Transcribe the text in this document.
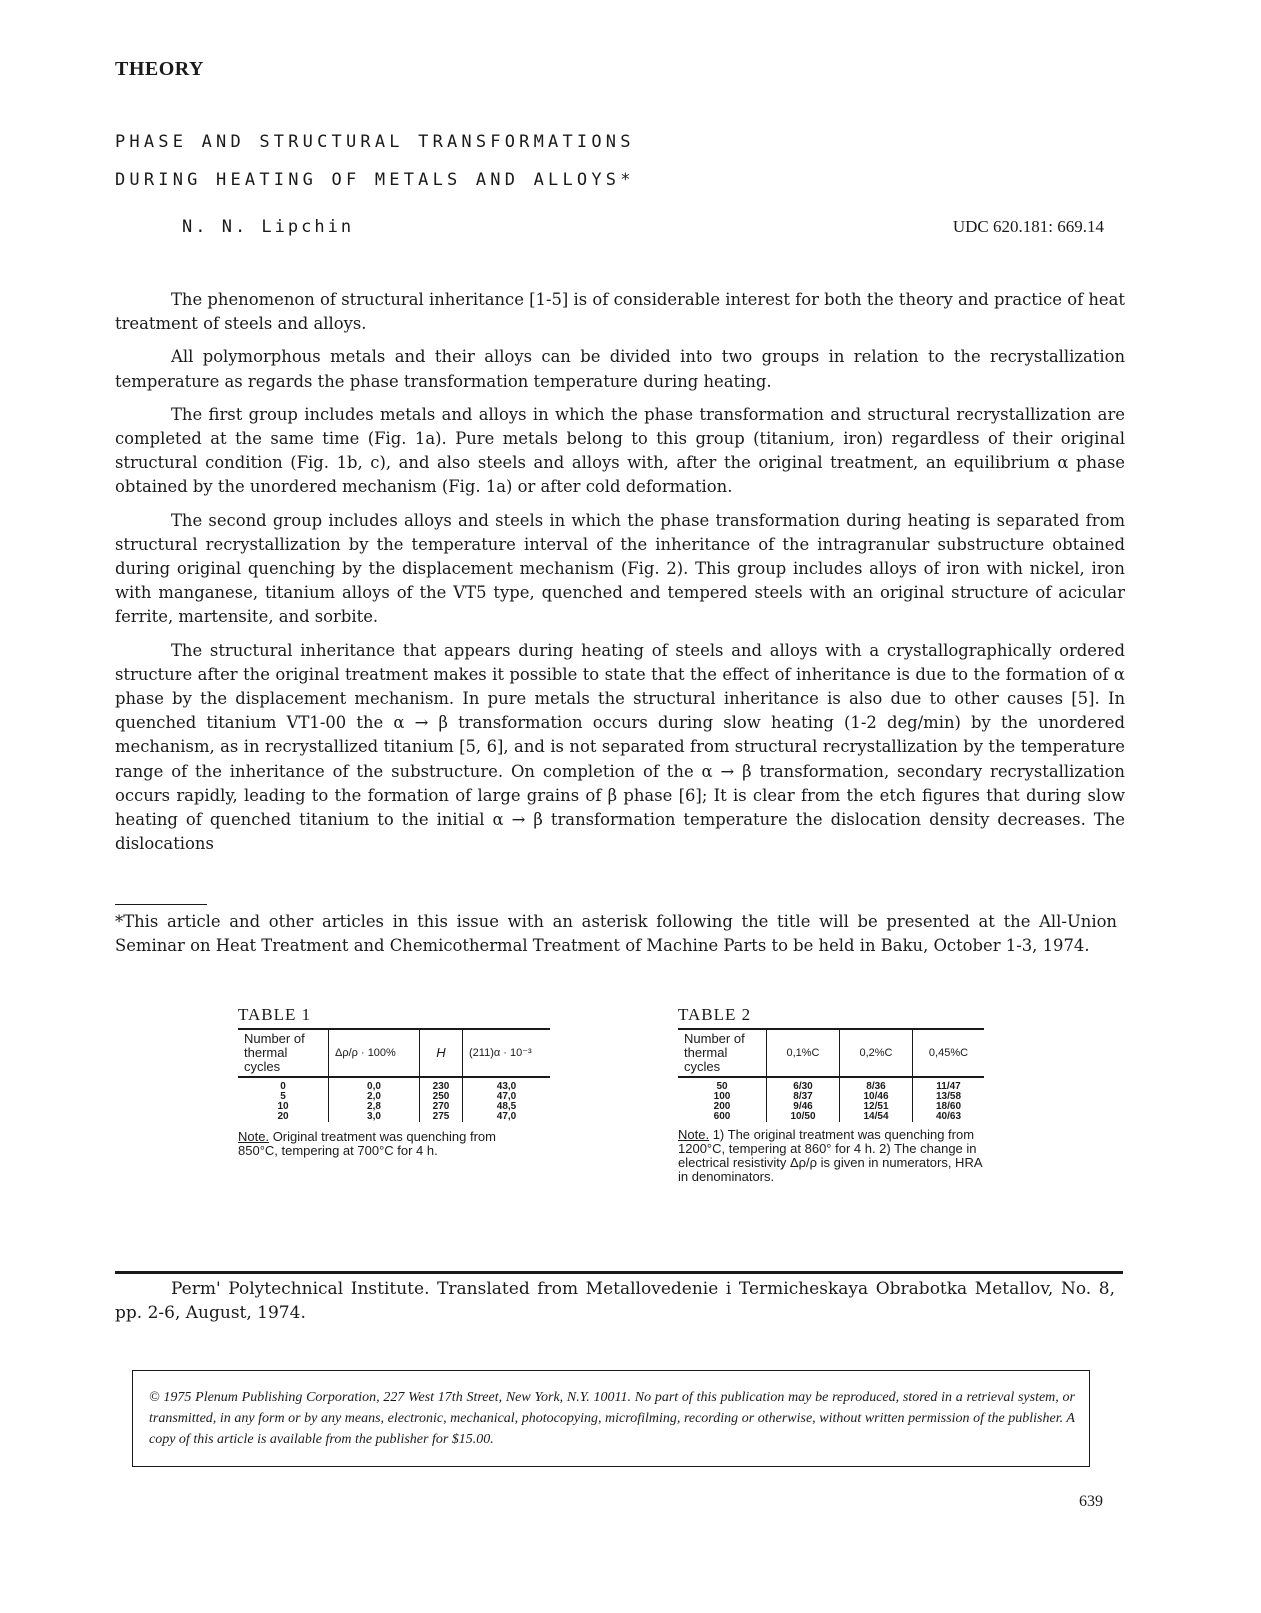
THEORY
PHASE AND STRUCTURAL TRANSFORMATIONS
DURING HEATING OF METALS AND ALLOYS*
N. N. Lipchin	UDC 620.181: 669.14

The phenomenon of structural inheritance [1-5] is of considerable interest for both the theory and practice of heat treatment of steels and alloys.

All polymorphous metals and their alloys can be divided into two groups in relation to the recrystallization temperature as regards the phase transformation temperature during heating.

The first group includes metals and alloys in which the phase transformation and structural recrystallization are completed at the same time (Fig. 1a). Pure metals belong to this group (titanium, iron) regardless of their original structural condition (Fig. 1b, c), and also steels and alloys with, after the original treatment, an equilibrium α phase obtained by the unordered mechanism (Fig. 1a) or after cold deformation.

The second group includes alloys and steels in which the phase transformation during heating is separated from structural recrystallization by the temperature interval of the inheritance of the intragranular substructure obtained during original quenching by the displacement mechanism (Fig. 2). This group includes alloys of iron with nickel, iron with manganese, titanium alloys of the VT5 type, quenched and tempered steels with an original structure of acicular ferrite, martensite, and sorbite.

The structural inheritance that appears during heating of steels and alloys with a crystallographically ordered structure after the original treatment makes it possible to state that the effect of inheritance is due to the formation of α phase by the displacement mechanism. In pure metals the structural inheritance is also due to other causes [5]. In quenched titanium VT1-00 the α → β transformation occurs during slow heating (1-2 deg/min) by the unordered mechanism, as in recrystallized titanium [5, 6], and is not separated from structural recrystallization by the temperature range of the inheritance of the substructure. On completion of the α → β transformation, secondary recrystallization occurs rapidly, leading to the formation of large grains of β phase [6]; It is clear from the etch figures that during slow heating of quenched titanium to the initial α → β transformation temperature the dislocation density decreases. The dislocations

*This article and other articles in this issue with an asterisk following the title will be presented at the All-Union Seminar on Heat Treatment and Chemicothermal Treatment of Machine Parts to be held in Baku, October 1-3, 1974.
TABLE 1
Number of thermal cycles	Δρ/ρ · 100%	H	(211)α · 10⁻³
0	0,0	230	43,0
5	2,0	250	47,0
10	2,8	270	48,5
20	3,0	275	47,0
Note. Original treatment was quenching from 850°C, tempering at 700°C for 4 h.
TABLE 2
Number of thermal cycles	0,1%C	0,2%C	0,45%C
50	6/30	8/36	11/47
100	8/37	10/46	13/58
200	9/46	12/51	18/60
600	10/50	14/54	40/63
Note. 1) The original treatment was quenching from 1200°C, tempering at 860° for 4 h. 2) The change in electrical resistivity Δρ/ρ is given in numerators, HRA in denominators.
Perm' Polytechnical Institute. Translated from Metallovedenie i Termicheskaya Obrabotka Metallov, No. 8, pp. 2-6, August, 1974.
© 1975 Plenum Publishing Corporation, 227 West 17th Street, New York, N.Y. 10011. No part of this publication may be reproduced, stored in a retrieval system, or transmitted, in any form or by any means, electronic, mechanical, photocopying, microfilming, recording or otherwise, without written permission of the publisher. A copy of this article is available from the publisher for $15.00.
639
